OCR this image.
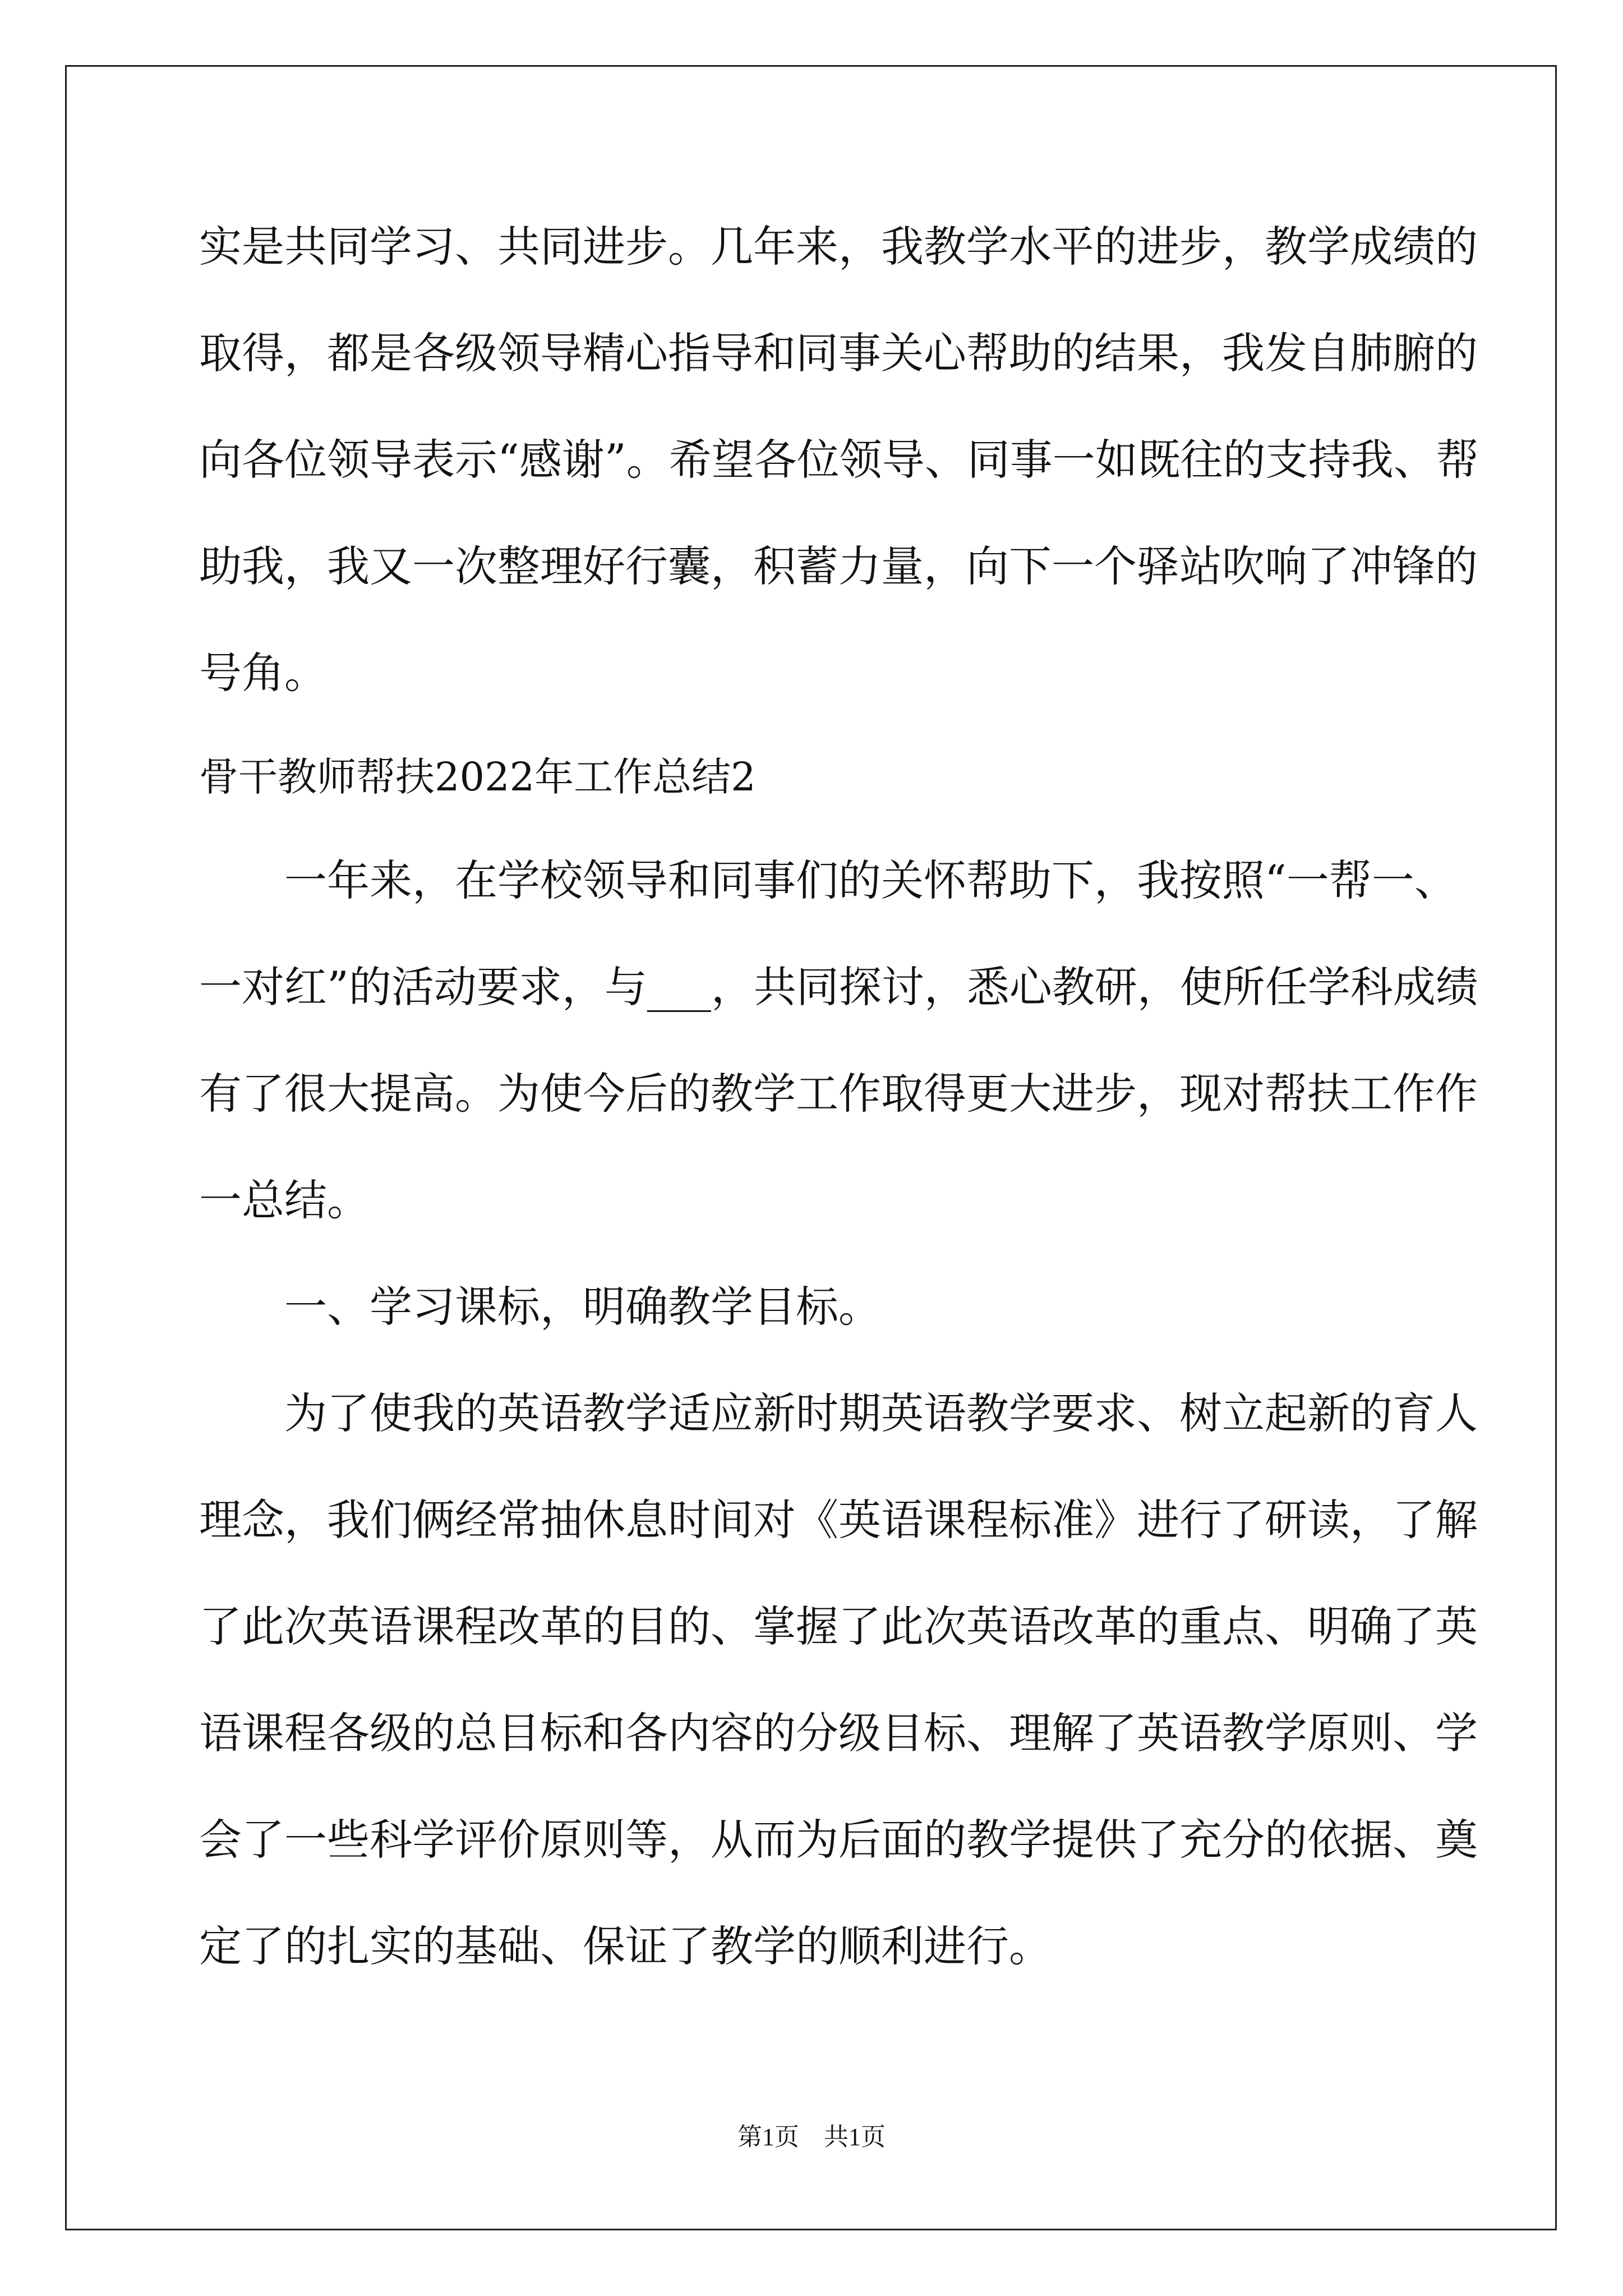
实是共同学习、共同进步。几年来，我教学水平的进步，教学成绩的
取得，都是各级领导精心指导和同事关心帮助的结果，我发自肺腑的
向各位领导表示“感谢”。希望各位领导、同事一如既往的支持我、帮
助我，我又一次整理好行囊，积蓄力量，向下一个驿站吹响了冲锋的
号角。
骨干教师帮扶2022年工作总结2
　　一年来，在学校领导和同事们的关怀帮助下，我按照“一帮一、
一对红”的活动要求，与___，共同探讨，悉心教研，使所任学科成绩
有了很大提高。为使今后的教学工作取得更大进步，现对帮扶工作作
一总结。
　　一、学习课标，明确教学目标。
　　为了使我的英语教学适应新时期英语教学要求、树立起新的育人
理念，我们俩经常抽休息时间对《英语课程标准》进行了研读，了解
了此次英语课程改革的目的、掌握了此次英语改革的重点、明确了英
语课程各级的总目标和各内容的分级目标、理解了英语教学原则、学
会了一些科学评价原则等，从而为后面的教学提供了充分的依据、奠
定了的扎实的基础、保证了教学的顺利进行。
第1页　共1页
